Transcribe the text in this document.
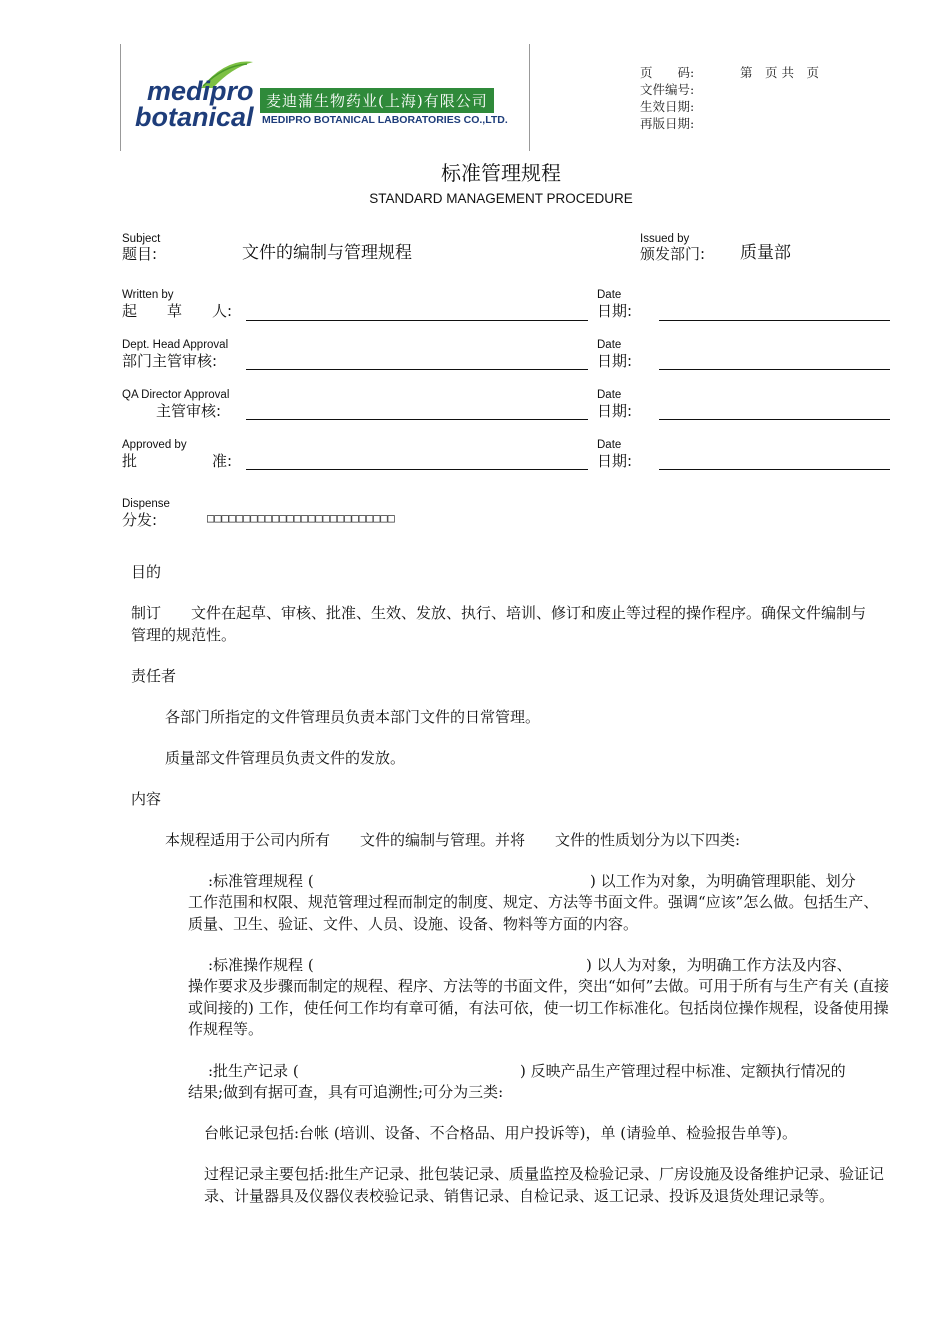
medipro
botanical
麦迪蒲生物药业(上海)有限公司
MEDIPRO BOTANICAL LABORATORIES CO.,LTD.
页　　码:	第　页 共　页
文件编号:
生效日期:
再版日期:
标准管理规程
STANDARD MANAGEMENT PROCEDURE
Subject
题目:	文件的编制与管理规程
Issued by
颁发部门: 质量部
Written by
起　　草　　人:
Date
日期:
Dept. Head Approval
部门主管审核:
Date
日期:
QA Director Approval
主管审核:
Date
日期:
Approved by
批　　　　　准:
Date
日期:
Dispense
分发:	□□□□□□□□□□□□□□□□□□□□□□□□□□
目的
制订　　文件在起草、审核、批准、生效、发放、执行、培训、修订和废止等过程的操作程序。确保文件编制与管理的规范性。
责任者
各部门所指定的文件管理员负责本部门文件的日常管理。
质量部文件管理员负责文件的发放。
内容
本规程适用于公司内所有　　文件的编制与管理。并将　　文件的性质划分为以下四类:
　:标准管理规程 (	) 以工作为对象，为明确管理职能、划分
工作范围和权限、规范管理过程而制定的制度、规定、方法等书面文件。强调“应该”怎么做。包括生产、质量、卫生、验证、文件、人员、设施、设备、物料等方面的内容。
　:标准操作规程 (	) 以人为对象，为明确工作方法及内容、
操作要求及步骤而制定的规程、程序、方法等的书面文件，突出“如何”去做。可用于所有与生产有关 (直接或间接的) 工作，使任何工作均有章可循，有法可依，使一切工作标准化。包括岗位操作规程，设备使用操作规程等。
　:批生产记录 (	) 反映产品生产管理过程中标准、定额执行情况的
结果;做到有据可查，具有可追溯性;可分为三类:
台帐记录包括:台帐 (培训、设备、不合格品、用户投诉等)，单 (请验单、检验报告单等)。
过程记录主要包括:批生产记录、批包装记录、质量监控及检验记录、厂房设施及设备维护记录、验证记录、计量器具及仪器仪表校验记录、销售记录、自检记录、返工记录、投诉及退货处理记录等。
